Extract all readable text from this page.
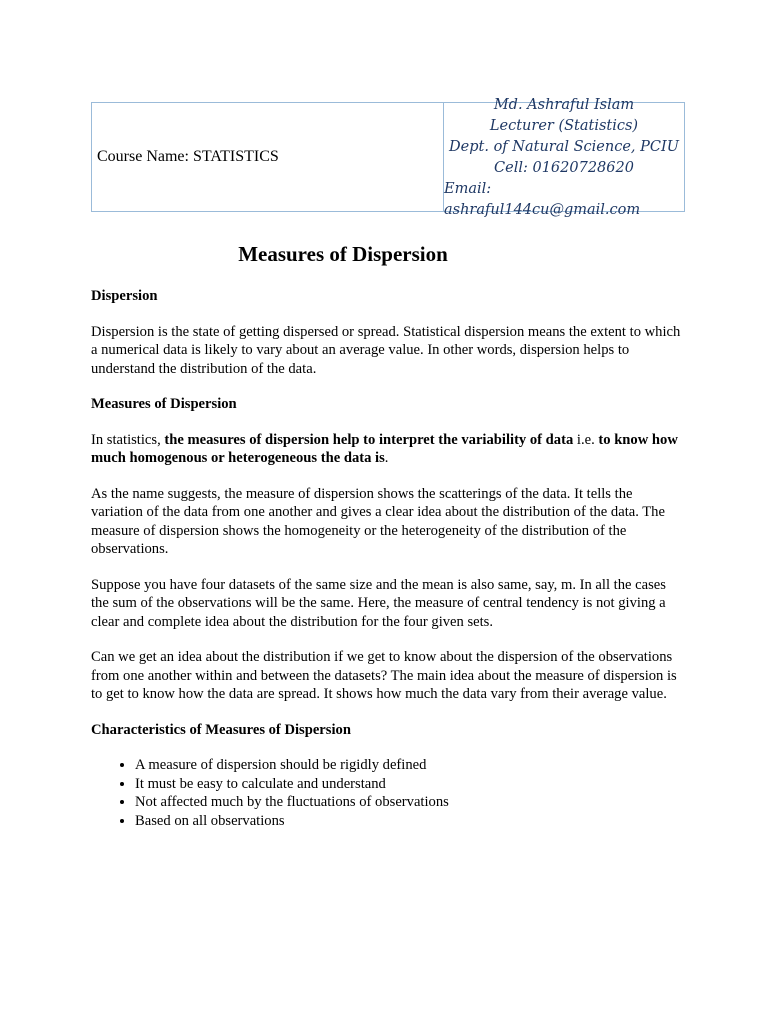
Course Name: STATISTICS
Md. Ashraful Islam
Lecturer (Statistics)
Dept. of Natural Science, PCIU
Cell: 01620728620
Email: ashraful144cu@gmail.com
Measures of Dispersion
Dispersion

Dispersion is the state of getting dispersed or spread. Statistical dispersion means the extent to which a numerical data is likely to vary about an average value. In other words, dispersion helps to understand the distribution of the data.

Measures of Dispersion

In statistics, the measures of dispersion help to interpret the variability of data i.e. to know how much homogenous or heterogeneous the data is.

As the name suggests, the measure of dispersion shows the scatterings of the data. It tells the variation of the data from one another and gives a clear idea about the distribution of the data. The measure of dispersion shows the homogeneity or the heterogeneity of the distribution of the observations.

Suppose you have four datasets of the same size and the mean is also same, say, m. In all the cases the sum of the observations will be the same. Here, the measure of central tendency is not giving a clear and complete idea about the distribution for the four given sets.

Can we get an idea about the distribution if we get to know about the dispersion of the observations from one another within and between the datasets? The main idea about the measure of dispersion is to get to know how the data are spread. It shows how much the data vary from their average value.

Characteristics of Measures of Dispersion
• A measure of dispersion should be rigidly defined
• It must be easy to calculate and understand
• Not affected much by the fluctuations of observations
• Based on all observations
